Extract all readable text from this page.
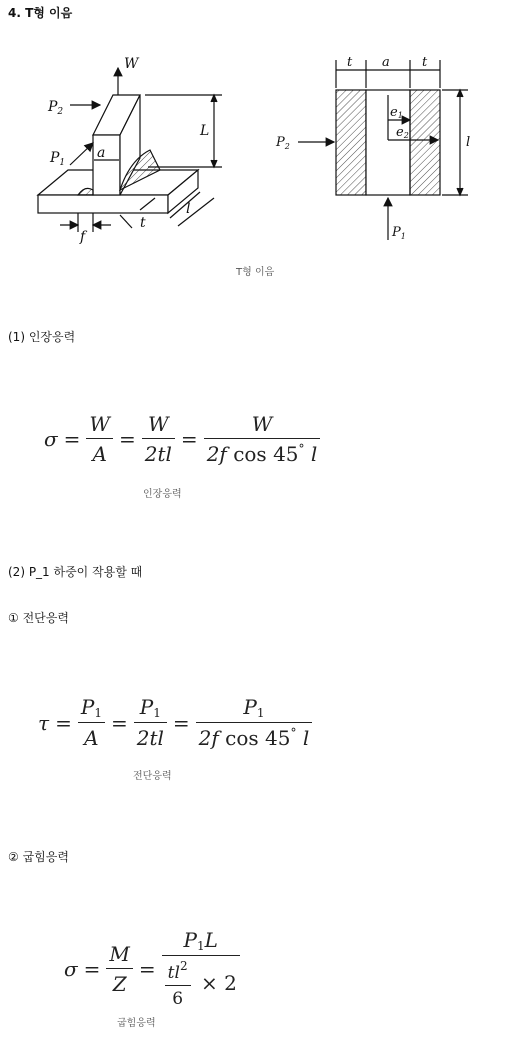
4. T형 이음
W
$P_2$
$P_1$
L
a
l
f
t
t a t
$P_2$	l
e1
e2
$P_1$
T형 이음
(1) 인장응력
$\sigma = \frac{W}{A} = \frac{W}{2tl} = \frac{W}{2f \cos 45^\circ l}$
인장응력
(2) P_1 하중이 작용할 때
① 전단응력
$\tau = \frac{P_1}{A} = \frac{P_1}{2tl} = \frac{P_1}{2f \cos 45^\circ l}$
전단응력
② 굽힘응력
$\sigma = \frac{M}{Z} = \frac{P_1L}{\frac{tl^2}{6} \times 2}$
굽힘응력
